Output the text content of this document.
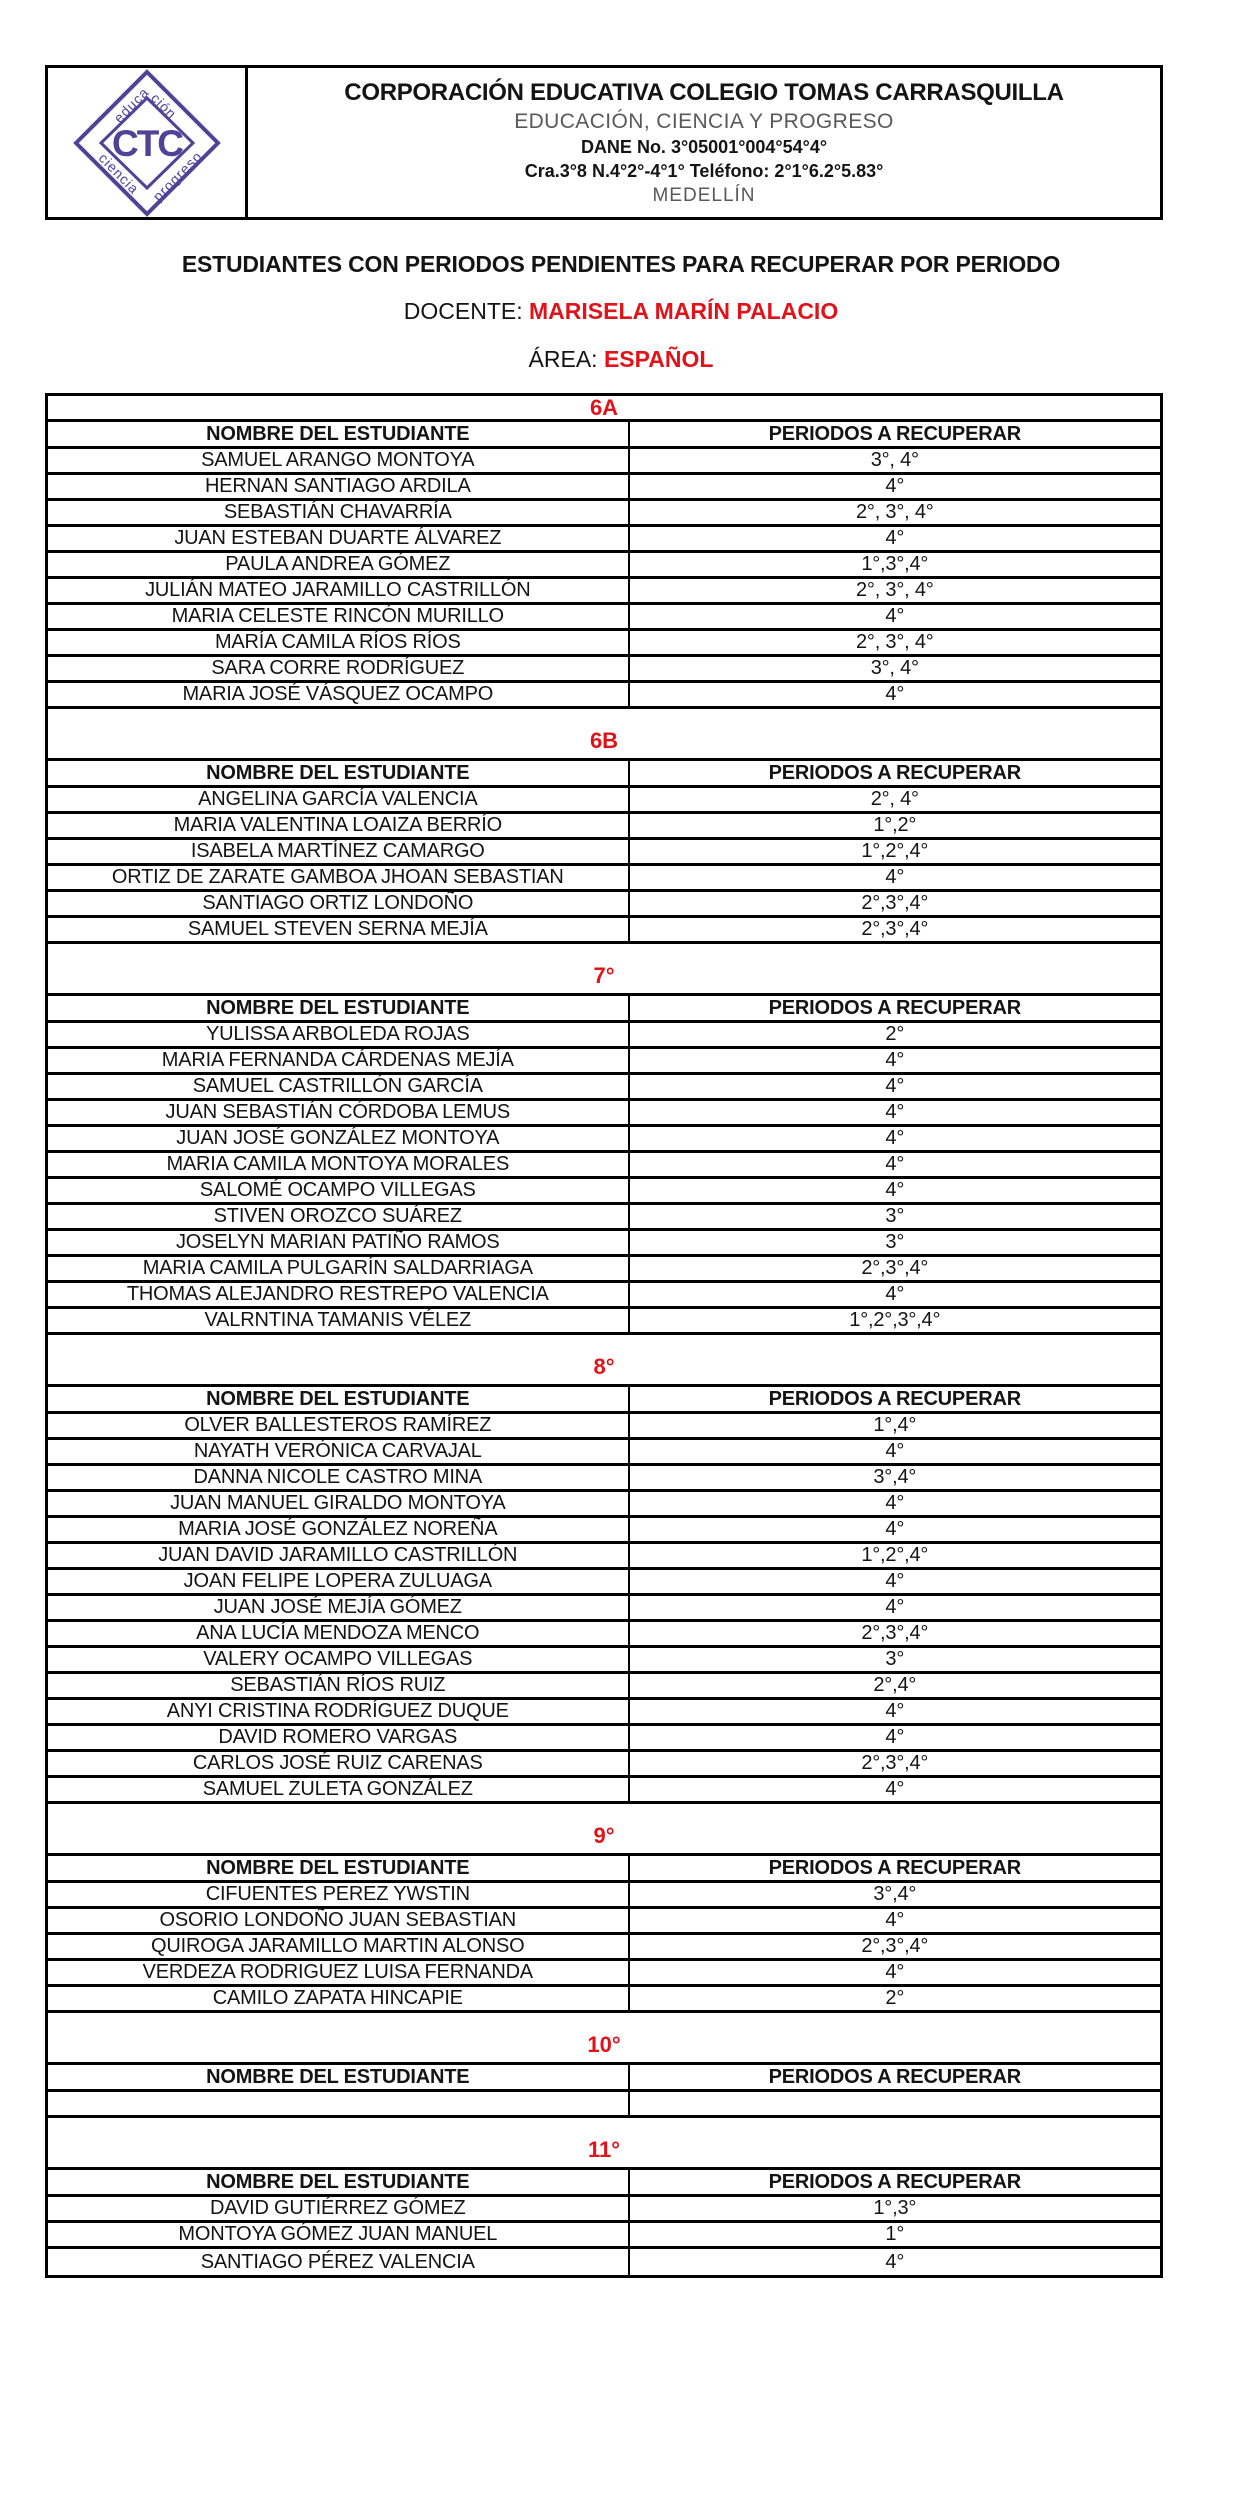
CTC
educación
ciencia progreso
CORPORACIÓN EDUCATIVA COLEGIO TOMAS CARRASQUILLA
EDUCACIÓN, CIENCIA Y PROGRESO
DANE No. 3°05001°004°54°4°
Cra.3°8 N.4°2°-4°1° Teléfono: 2°1°6.2°5.83°
MEDELLÍN
ESTUDIANTES CON PERIODOS PENDIENTES PARA RECUPERAR POR PERIODO
DOCENTE: MARISELA MARÍN PALACIO
ÁREA: ESPAÑOL
6A
NOMBRE DEL ESTUDIANTE	PERIODOS A RECUPERAR
SAMUEL ARANGO MONTOYA	3°, 4°
HERNAN SANTIAGO ARDILA	4°
SEBASTIÁN CHAVARRÍA	2°, 3°, 4°
JUAN ESTEBAN DUARTE ÁLVAREZ	4°
PAULA ANDREA GÓMEZ	1°,3°,4°
JULIÁN MATEO JARAMILLO CASTRILLÓN	2°, 3°, 4°
MARIA CELESTE RINCÓN MURILLO	4°
MARÍA CAMILA RÍOS RÍOS	2°, 3°, 4°
SARA CORRE RODRÍGUEZ	3°, 4°
MARIA JOSÉ VÁSQUEZ OCAMPO	4°
6B
NOMBRE DEL ESTUDIANTE	PERIODOS A RECUPERAR
ANGELINA GARCÍA VALENCIA	2°, 4°
MARIA VALENTINA LOAIZA BERRÍO	1°,2°
ISABELA MARTÍNEZ CAMARGO	1°,2°,4°
ORTIZ DE ZARATE GAMBOA JHOAN SEBASTIAN	4°
SANTIAGO ORTIZ LONDOÑO	2°,3°,4°
SAMUEL STEVEN SERNA MEJÍA	2°,3°,4°
7°
NOMBRE DEL ESTUDIANTE	PERIODOS A RECUPERAR
YULISSA ARBOLEDA ROJAS	2°
MARIA FERNANDA CÁRDENAS MEJÍA	4°
SAMUEL CASTRILLÓN GARCÍA	4°
JUAN SEBASTIÁN CÓRDOBA LEMUS	4°
JUAN JOSÉ GONZÁLEZ MONTOYA	4°
MARIA CAMILA MONTOYA MORALES	4°
SALOMÉ OCAMPO VILLEGAS	4°
STIVEN OROZCO SUÁREZ	3°
JOSELYN MARIAN PATIÑO RAMOS	3°
MARIA CAMILA PULGARÍN SALDARRIAGA	2°,3°,4°
THOMAS ALEJANDRO RESTREPO VALENCIA	4°
VALRNTINA TAMANIS VÉLEZ	1°,2°,3°,4°
8°
NOMBRE DEL ESTUDIANTE	PERIODOS A RECUPERAR
OLVER BALLESTEROS RAMÍREZ	1°,4°
NAYATH VERÓNICA CARVAJAL	4°
DANNA NICOLE CASTRO MINA	3°,4°
JUAN MANUEL GIRALDO MONTOYA	4°
MARIA JOSÉ GONZÁLEZ NOREÑA	4°
JUAN DAVID JARAMILLO CASTRILLÓN	1°,2°,4°
JOAN FELIPE LOPERA ZULUAGA	4°
JUAN JOSÉ MEJÍA GÓMEZ	4°
ANA LUCÍA MENDOZA MENCO	2°,3°,4°
VALERY OCAMPO VILLEGAS	3°
SEBASTIÁN RÍOS RUIZ	2°,4°
ANYI CRISTINA RODRÍGUEZ DUQUE	4°
DAVID ROMERO VARGAS	4°
CARLOS JOSÉ RUIZ CARENAS	2°,3°,4°
SAMUEL ZULETA GONZÁLEZ	4°
9°
NOMBRE DEL ESTUDIANTE	PERIODOS A RECUPERAR
CIFUENTES PEREZ YWSTIN	3°,4°
OSORIO LONDOÑO JUAN SEBASTIAN	4°
QUIROGA JARAMILLO MARTIN ALONSO	2°,3°,4°
VERDEZA RODRIGUEZ LUISA FERNANDA	4°
CAMILO ZAPATA HINCAPIE	2°
10°
NOMBRE DEL ESTUDIANTE	PERIODOS A RECUPERAR
11°
NOMBRE DEL ESTUDIANTE	PERIODOS A RECUPERAR
DAVID GUTIÉRREZ GÓMEZ	1°,3°
MONTOYA GÓMEZ JUAN MANUEL	1°
SANTIAGO PÉREZ VALENCIA	4°
